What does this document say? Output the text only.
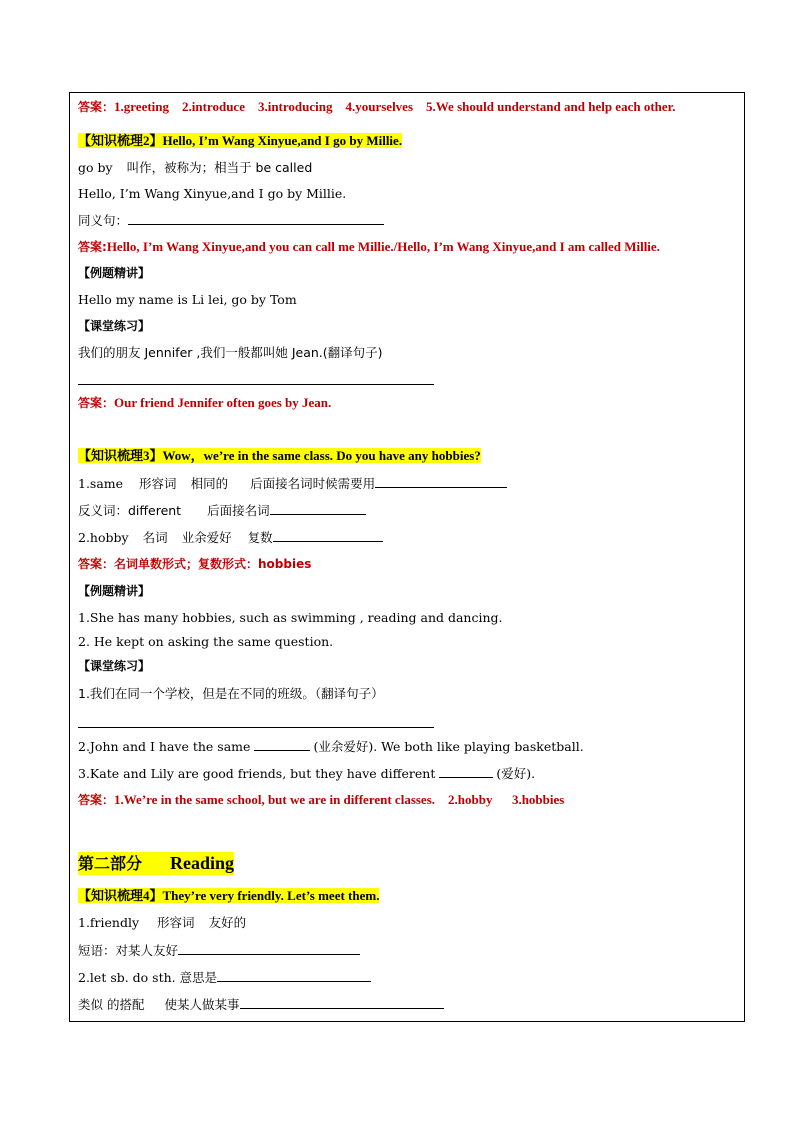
答案：1.greeting    2.introduce    3.introducing    4.yourselves    5.We should understand and help each other.
【知识梳理2】Hello, I’m Wang Xinyue,and I go by Millie.
go by 叫作，被称为；相当于 be called
Hello, I’m Wang Xinyue,and I go by Millie.
同义句：
答案:Hello, I’m Wang Xinyue,and you can call me Millie./Hello, I’m Wang Xinyue,and I am called Millie.
【例题精讲】
Hello my name is Li lei, go by Tom
【课堂练习】
我们的朋友 Jennifer ,我们一般都叫她 Jean.(翻译句子)
答案：Our friend Jennifer often goes by Jean.
【知识梳理3】Wow，we’re in the same class. Do you have any hobbies?
1.same 形容词 相同的 后面接名词时候需要用
反义词：different 后面接名词
2.hobby 名词 业余爱好 复数
答案：名词单数形式；复数形式：hobbies
【例题精讲】
1.She has many hobbies, such as swimming , reading and dancing.
2. He kept on asking the same question.
【课堂练习】
1.我们在同一个学校，但是在不同的班级。（翻译句子）
2.John and I have the same	(业余爱好). We both like playing basketball.
3.Kate and Lily are good friends, but they have different	(爱好).
答案：1.We’re in the same school, but we are in different classes.    2.hobby      3.hobbies
第二部分 Reading
【知识梳理4】They’re very friendly. Let’s meet them.
1.friendly 形容词 友好的
短语：对某人友好
2.let sb. do sth. 意思是
类似 的搭配 使某人做某事
